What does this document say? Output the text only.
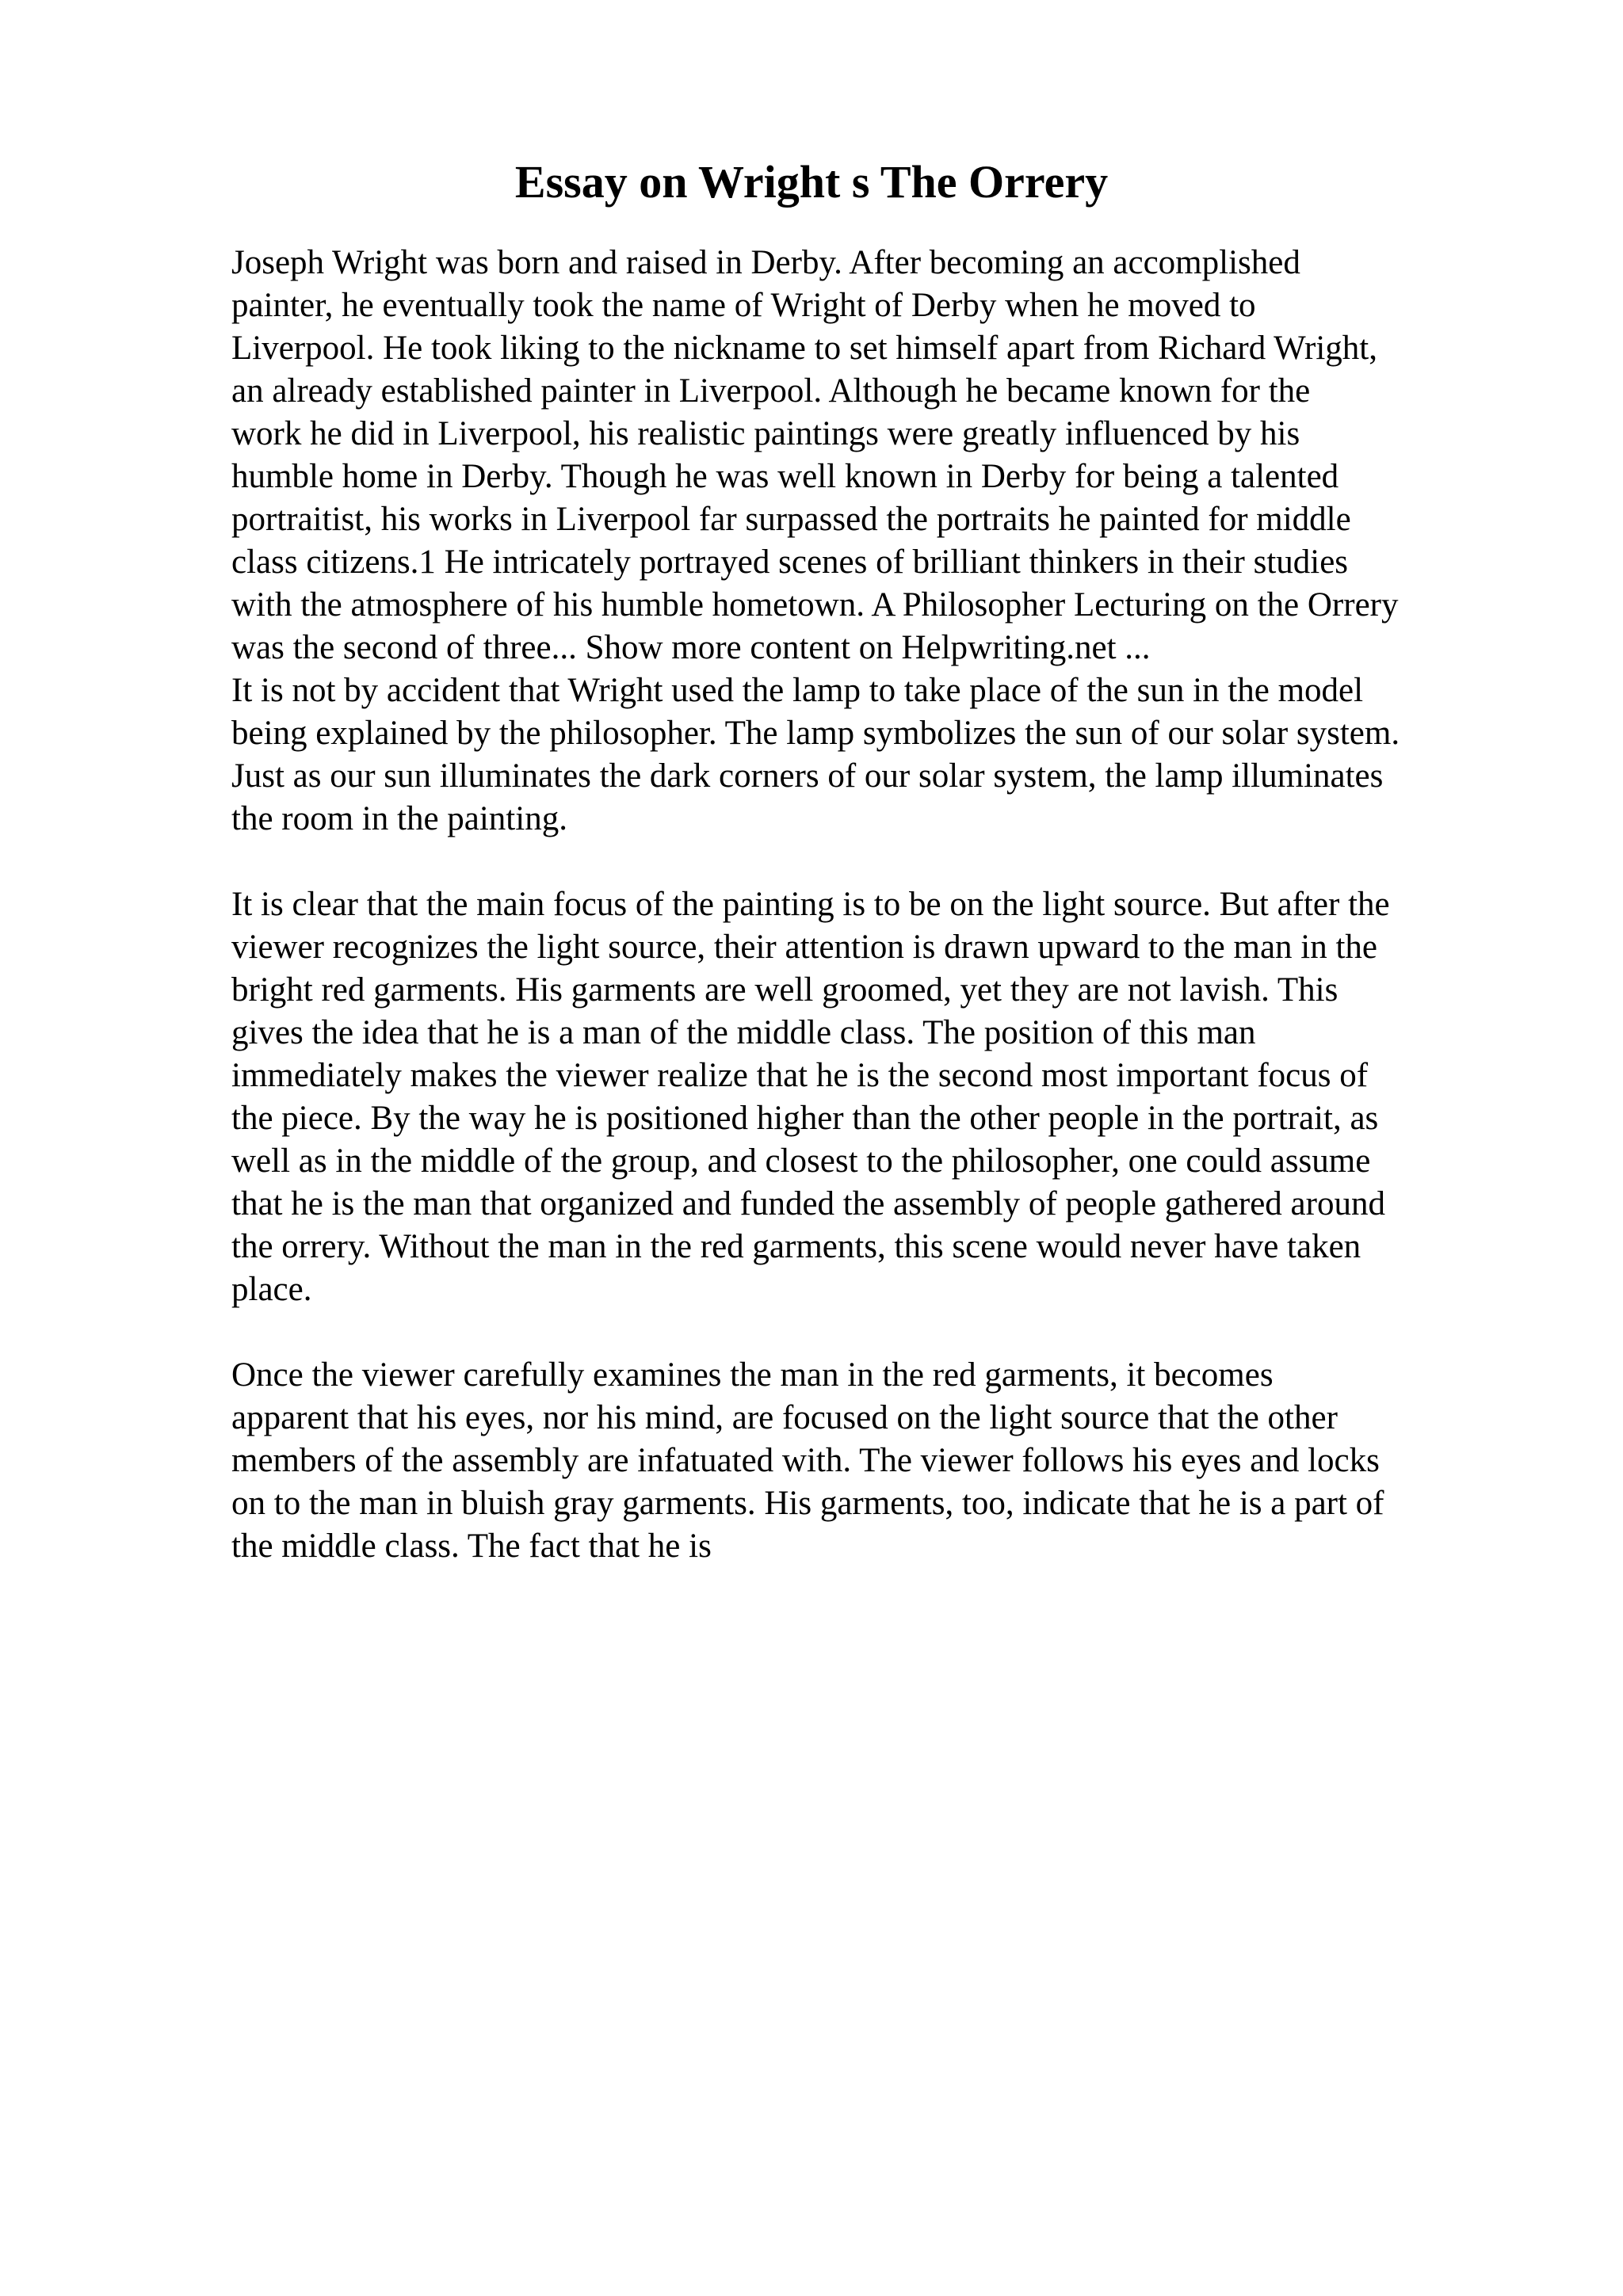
Essay on Wright s The Orrery
Joseph Wright was born and raised in Derby. After becoming an accomplished
painter, he eventually took the name of Wright of Derby when he moved to
Liverpool. He took liking to the nickname to set himself apart from Richard Wright,
an already established painter in Liverpool. Although he became known for the
work he did in Liverpool, his realistic paintings were greatly influenced by his
humble home in Derby. Though he was well known in Derby for being a talented
portraitist, his works in Liverpool far surpassed the portraits he painted for middle
class citizens.1 He intricately portrayed scenes of brilliant thinkers in their studies
with the atmosphere of his humble hometown. A Philosopher Lecturing on the Orrery
was the second of three... Show more content on Helpwriting.net ...
It is not by accident that Wright used the lamp to take place of the sun in the model
being explained by the philosopher. The lamp symbolizes the sun of our solar system.
Just as our sun illuminates the dark corners of our solar system, the lamp illuminates
the room in the painting.
It is clear that the main focus of the painting is to be on the light source. But after the
viewer recognizes the light source, their attention is drawn upward to the man in the
bright red garments. His garments are well groomed, yet they are not lavish. This
gives the idea that he is a man of the middle class. The position of this man
immediately makes the viewer realize that he is the second most important focus of
the piece. By the way he is positioned higher than the other people in the portrait, as
well as in the middle of the group, and closest to the philosopher, one could assume
that he is the man that organized and funded the assembly of people gathered around
the orrery. Without the man in the red garments, this scene would never have taken
place.
Once the viewer carefully examines the man in the red garments, it becomes
apparent that his eyes, nor his mind, are focused on the light source that the other
members of the assembly are infatuated with. The viewer follows his eyes and locks
on to the man in bluish gray garments. His garments, too, indicate that he is a part of
the middle class. The fact that he is
